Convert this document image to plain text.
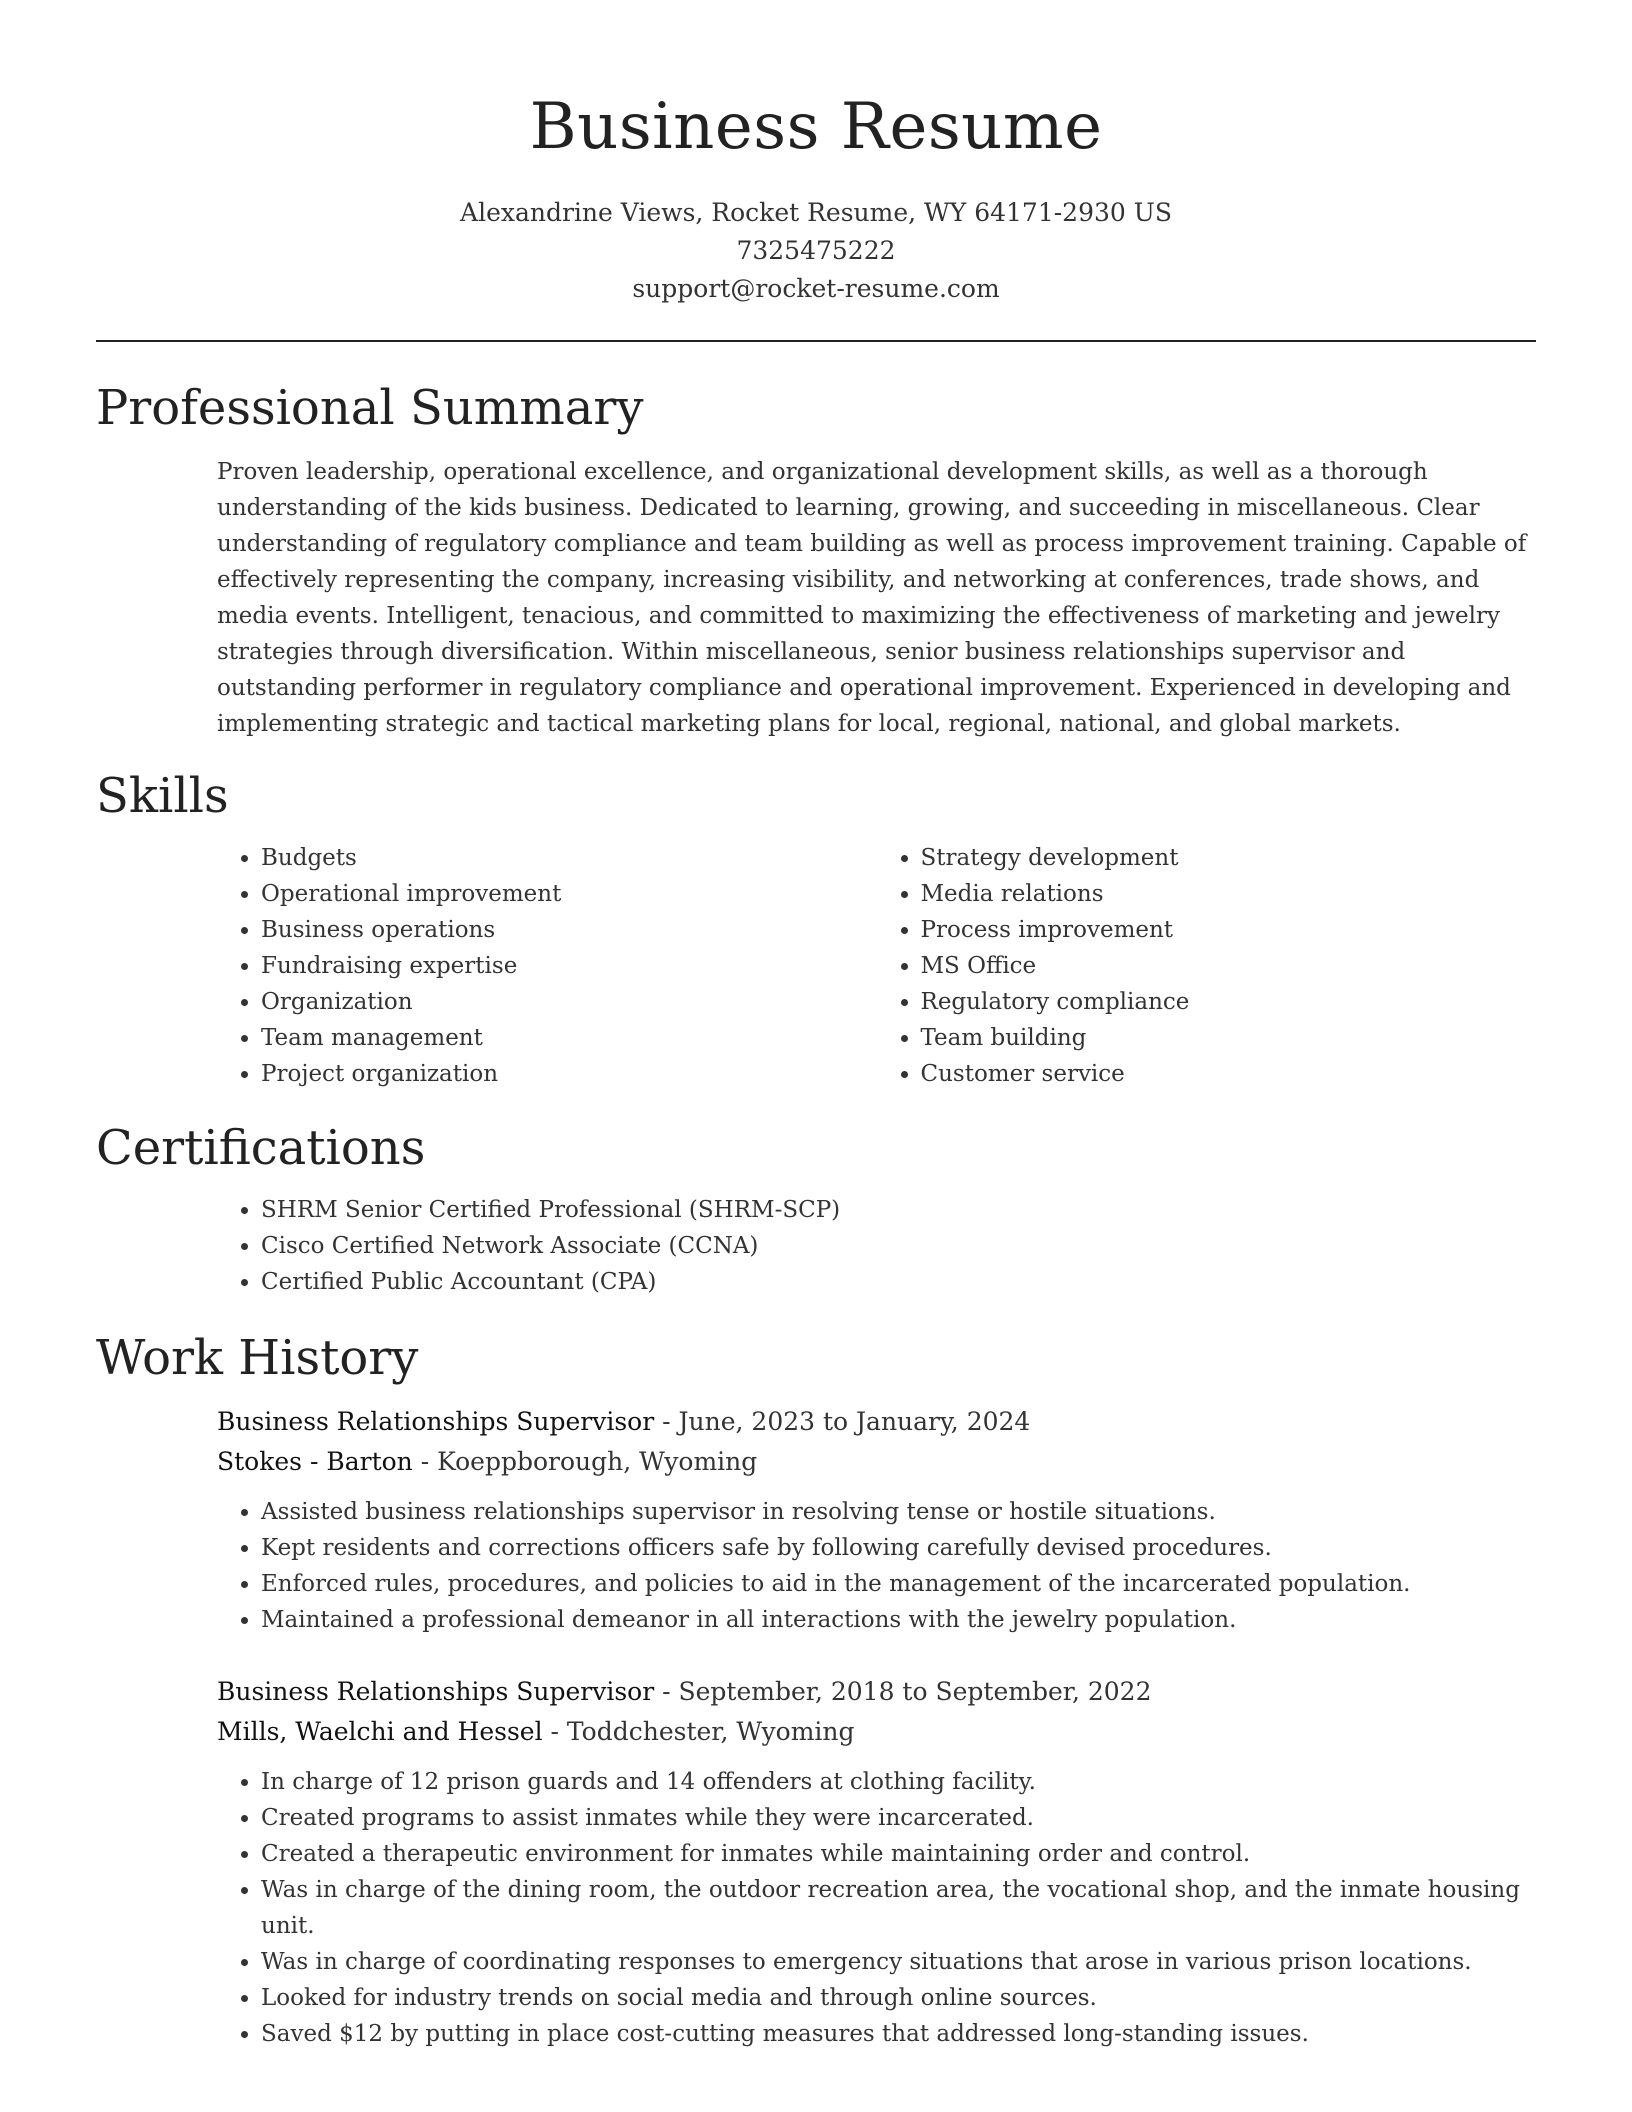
Business Resume
Alexandrine Views, Rocket Resume, WY 64171-2930 US
7325475222
support@rocket-resume.com
Professional Summary

Proven leadership, operational excellence, and organizational development skills, as well as a thorough understanding of the kids business. Dedicated to learning, growing, and succeeding in miscellaneous. Clear understanding of regulatory compliance and team building as well as process improvement training. Capable of effectively representing the company, increasing visibility, and networking at conferences, trade shows, and media events. Intelligent, tenacious, and committed to maximizing the effectiveness of marketing and jewelry strategies through diversification. Within miscellaneous, senior business relationships supervisor and outstanding performer in regulatory compliance and operational improvement. Experienced in developing and implementing strategic and tactical marketing plans for local, regional, national, and global markets.

Skills
• Budgets
• Operational improvement
• Business operations
• Fundraising expertise
• Organization
• Team management
• Project organization
• Strategy development
• Media relations
• Process improvement
• MS Office
• Regulatory compliance
• Team building
• Customer service
Certifications
• SHRM Senior Certified Professional (SHRM-SCP)
• Cisco Certified Network Associate (CCNA)
• Certified Public Accountant (CPA)
Work History
Business Relationships Supervisor - June, 2023 to January, 2024
Stokes - Barton - Koeppborough, Wyoming
• Assisted business relationships supervisor in resolving tense or hostile situations.
• Kept residents and corrections officers safe by following carefully devised procedures.
• Enforced rules, procedures, and policies to aid in the management of the incarcerated population.
• Maintained a professional demeanor in all interactions with the jewelry population.
Business Relationships Supervisor - September, 2018 to September, 2022
Mills, Waelchi and Hessel - Toddchester, Wyoming
• In charge of 12 prison guards and 14 offenders at clothing facility.
• Created programs to assist inmates while they were incarcerated.
• Created a therapeutic environment for inmates while maintaining order and control.
• Was in charge of the dining room, the outdoor recreation area, the vocational shop, and the inmate housing unit.
• Was in charge of coordinating responses to emergency situations that arose in various prison locations.
• Looked for industry trends on social media and through online sources.
• Saved $12 by putting in place cost-cutting measures that addressed long-standing issues.
